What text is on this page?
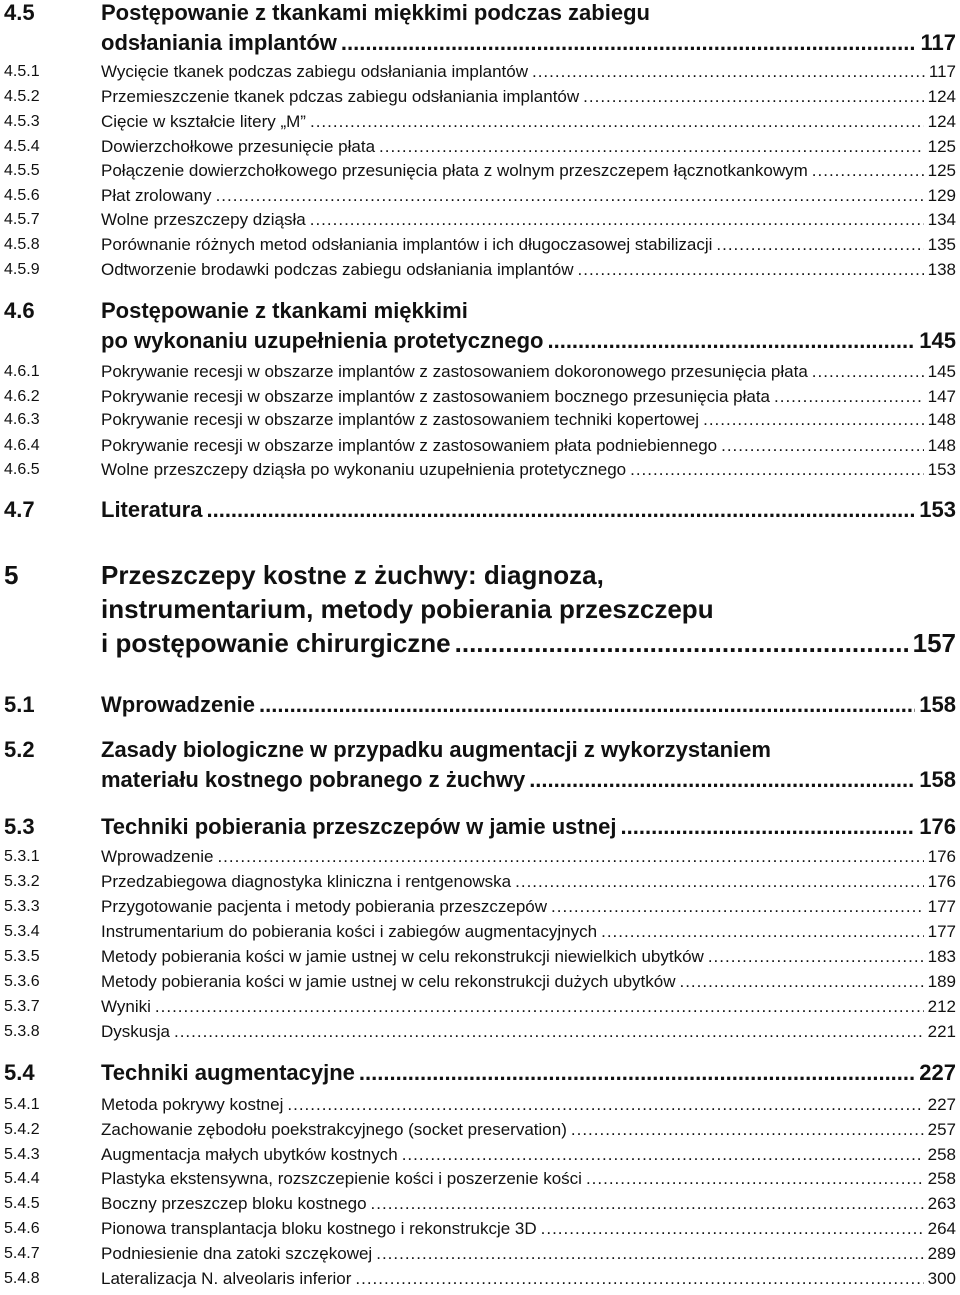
4.5	Postępowanie z tkankami miękkimi podczas zabiegu
odsłaniania implantów .....	117
4.5.1	Wycięcie tkanek podczas zabiegu odsłaniania implantów .....	117
4.5.2	Przemieszczenie tkanek pdczas zabiegu odsłaniania implantów .....	124
4.5.3	Cięcie w kształcie litery „M” .....	124
4.5.4	Dowierzchołkowe przesunięcie płata .....	125
4.5.5	Połączenie dowierzchołkowego przesunięcia płata z wolnym przeszczepem łącznotkankowym .....	125
4.5.6	Płat zrolowany .....	129
4.5.7	Wolne przeszczepy dziąsła .....	134
4.5.8	Porównanie różnych metod odsłaniania implantów i ich długoczasowej stabilizacji .....	135
4.5.9	Odtworzenie brodawki podczas zabiegu odsłaniania implantów .....	138
4.6	Postępowanie z tkankami miękkimi
po wykonaniu uzupełnienia protetycznego .....	145
4.6.1	Pokrywanie recesji w obszarze implantów z zastosowaniem dokoronowego przesunięcia płata .....	145
4.6.2	Pokrywanie recesji w obszarze implantów z zastosowaniem bocznego przesunięcia płata .....	147
4.6.3	Pokrywanie recesji w obszarze implantów z zastosowaniem techniki kopertowej .....	148
4.6.4	Pokrywanie recesji w obszarze implantów z zastosowaniem płata podniebiennego .....	148
4.6.5	Wolne przeszczepy dziąsła po wykonaniu uzupełnienia protetycznego .....	153
4.7	Literatura .....	153
5	Przeszczepy kostne z żuchwy: diagnoza,
instrumentarium, metody pobierania przeszczepu
i postępowanie chirurgiczne .....	157
5.1	Wprowadzenie .....	158
5.2	Zasady biologiczne w przypadku augmentacji z wykorzystaniem
materiału kostnego pobranego z żuchwy .....	158
5.3	Techniki pobierania przeszczepów w jamie ustnej .....	176
5.3.1	Wprowadzenie .....	176
5.3.2	Przedzabiegowa diagnostyka kliniczna i rentgenowska .....	176
5.3.3	Przygotowanie pacjenta i metody pobierania przeszczepów .....	177
5.3.4	Instrumentarium do pobierania kości i zabiegów augmentacyjnych .....	177
5.3.5	Metody pobierania kości w jamie ustnej w celu rekonstrukcji niewielkich ubytków .....	183
5.3.6	Metody pobierania kości w jamie ustnej w celu rekonstrukcji dużych ubytków .....	189
5.3.7	Wyniki .....	212
5.3.8	Dyskusja .....	221
5.4	Techniki augmentacyjne .....	227
5.4.1	Metoda pokrywy kostnej .....	227
5.4.2	Zachowanie zębodołu poekstrakcyjnego (socket preservation) .....	257
5.4.3	Augmentacja małych ubytków kostnych .....	258
5.4.4	Plastyka ekstensywna, rozszczepienie kości i poszerzenie kości .....	258
5.4.5	Boczny przeszczep bloku kostnego .....	263
5.4.6	Pionowa transplantacja bloku kostnego i rekonstrukcje 3D .....	264
5.4.7	Podniesienie dna zatoki szczękowej .....	289
5.4.8	Lateralizacja N. alveolaris inferior .....	300
